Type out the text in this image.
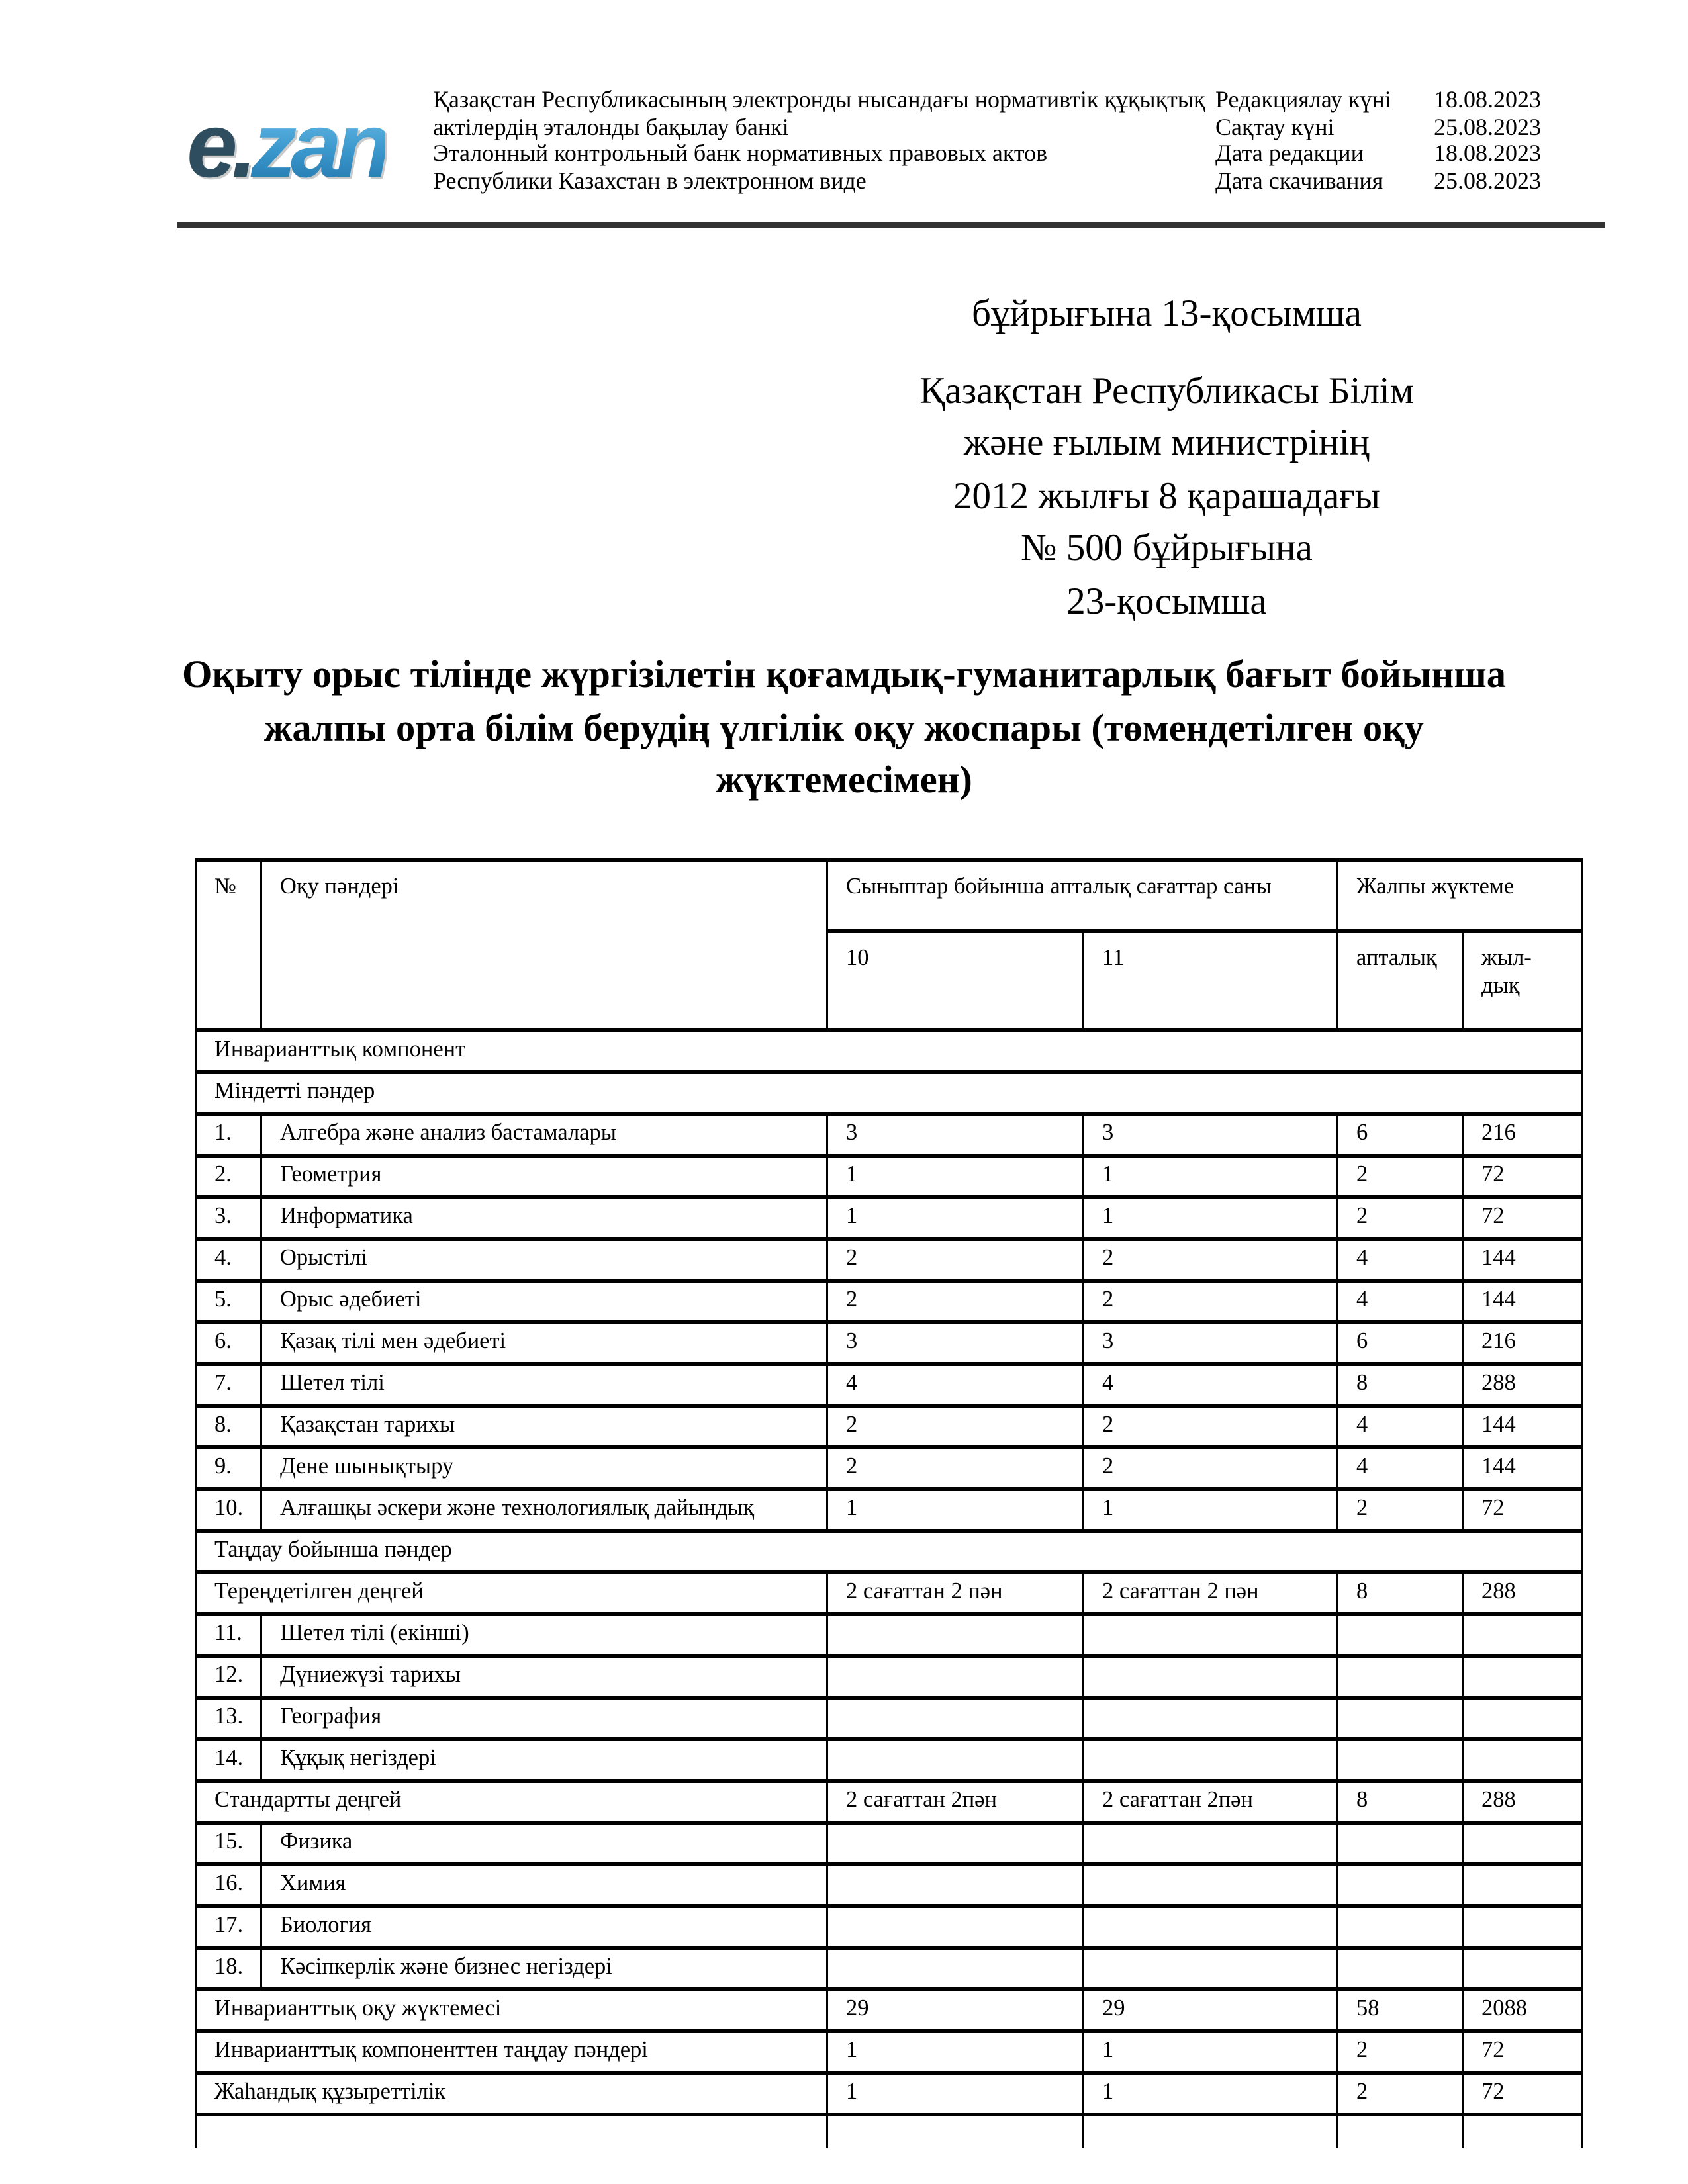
e.zan	Қазақстан Республикасының электронды нысандағы нормативтік құқықтық
актілердің эталонды бақылау банкі
Эталонный контрольный банк нормативных правовых актов
Республики Казахстан в электронном виде
Редакциялау күні
Сақтау күні
Дата редакции
Дата скачивания
18.08.2023
25.08.2023
18.08.2023
25.08.2023
бұйрығына 13-қосымша
Қазақстан Республикасы Білім
және ғылым министрінің
2012 жылғы 8 қарашадағы
№ 500 бұйрығына
23-қосымша
Оқыту орыс тілінде жүргізілетін қоғамдық-гуманитарлық бағыт бойынша
жалпы орта білім берудің үлгілік оқу жоспары (төмендетілген оқу
жүктемесімен)
№	Оқу пәндері	Сыныптар бойынша апталық сағаттар саны		Жалпы жүктеме	
		10	11	апталық	жыл-
дық
Инварианттық компонент					
Міндетті пәндер					
1.	Алгебра және анализ бастамалары	3	3	6	216
2.	Геометрия	1	1	2	72
3.	Информатика	1	1	2	72
4.	Орыстілі	2	2	4	144
5.	Орыс әдебиеті	2	2	4	144
6.	Қазақ тілі мен әдебиеті	3	3	6	216
7.	Шетел тілі	4	4	8	288
8.	Қазақстан тарихы	2	2	4	144
9.	Дене шынықтыру	2	2	4	144
10.	Алғашқы әскери және технологиялық дайындық	1	1	2	72
Таңдау бойынша пәндер					
Тереңдетілген деңгей		2 сағаттан 2 пән	2 сағаттан 2 пән	8	288
11.	Шетел тілі (екінші)				
12.	Дүниежүзі тарихы				
13.	География				
14.	Құқық негіздері				
Стандартты деңгей		2 сағаттан 2пән	2 сағаттан 2пән	8	288
15.	Физика				
16.	Химия				
17.	Биология				
18.	Кәсіпкерлік және бизнес негіздері				
Инварианттық оқу жүктемесі		29	29	58	2088
Инварианттық компоненттен таңдау пәндері		1	1	2	72
Жаһандық құзыреттілік		1	1	2	72
